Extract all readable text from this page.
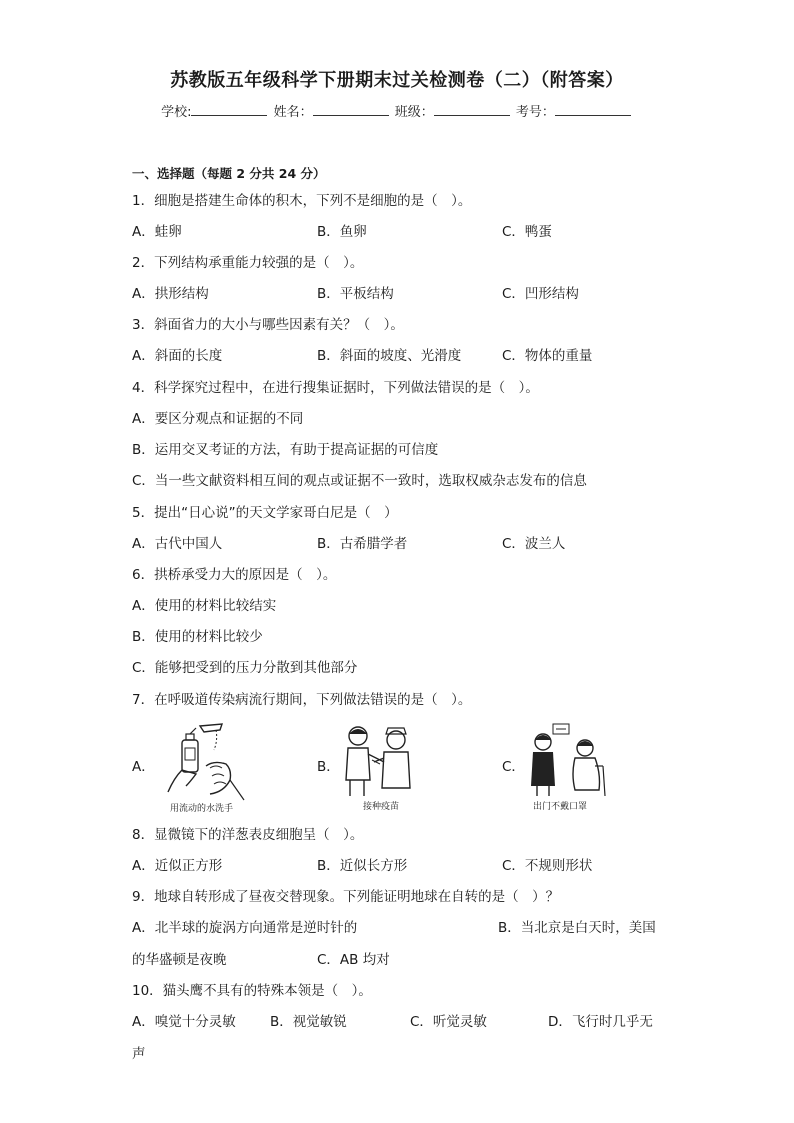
苏教版五年级科学下册期末过关检测卷（二）（附答案）
学校:	姓名：	班级：	考号：
一、选择题（每题 2 分共 24 分）
1．细胞是搭建生命体的积木，下列不是细胞的是（　）。
A．蛙卵	B．鱼卵	C．鸭蛋
2．下列结构承重能力较强的是（　）。
A．拱形结构	B．平板结构	C．凹形结构
3．斜面省力的大小与哪些因素有关？（　）。
A．斜面的长度	B．斜面的坡度、光滑度	C．物体的重量
4．科学探究过程中，在进行搜集证据时，下列做法错误的是（　）。
A．要区分观点和证据的不同
B．运用交叉考证的方法，有助于提高证据的可信度
C．当一些文献资料相互间的观点或证据不一致时，选取权威杂志发布的信息
5．提出“日心说”的天文学家哥白尼是（　）
A．古代中国人	B．古希腊学者	C．波兰人
6．拱桥承受力大的原因是（　）。
A．使用的材料比较结实
B．使用的材料比较少
C．能够把受到的压力分散到其他部分
7．在呼吸道传染病流行期间，下列做法错误的是（　）。
A．	B．	C．
用流动的水洗手	接种疫苗	出门不戴口罩
8．显微镜下的洋葱表皮细胞呈（　）。
A．近似正方形	B．近似长方形	C．不规则形状
9．地球自转形成了昼夜交替现象。下列能证明地球在自转的是（　）？
A．北半球的旋涡方向通常是逆时针的	B．当北京是白天时，美国
的华盛顿是夜晚	C．AB 均对
10．猫头鹰不具有的特殊本领是（　）。
A．嗅觉十分灵敏	B．视觉敏锐	C．听觉灵敏	D．飞行时几乎无
声
